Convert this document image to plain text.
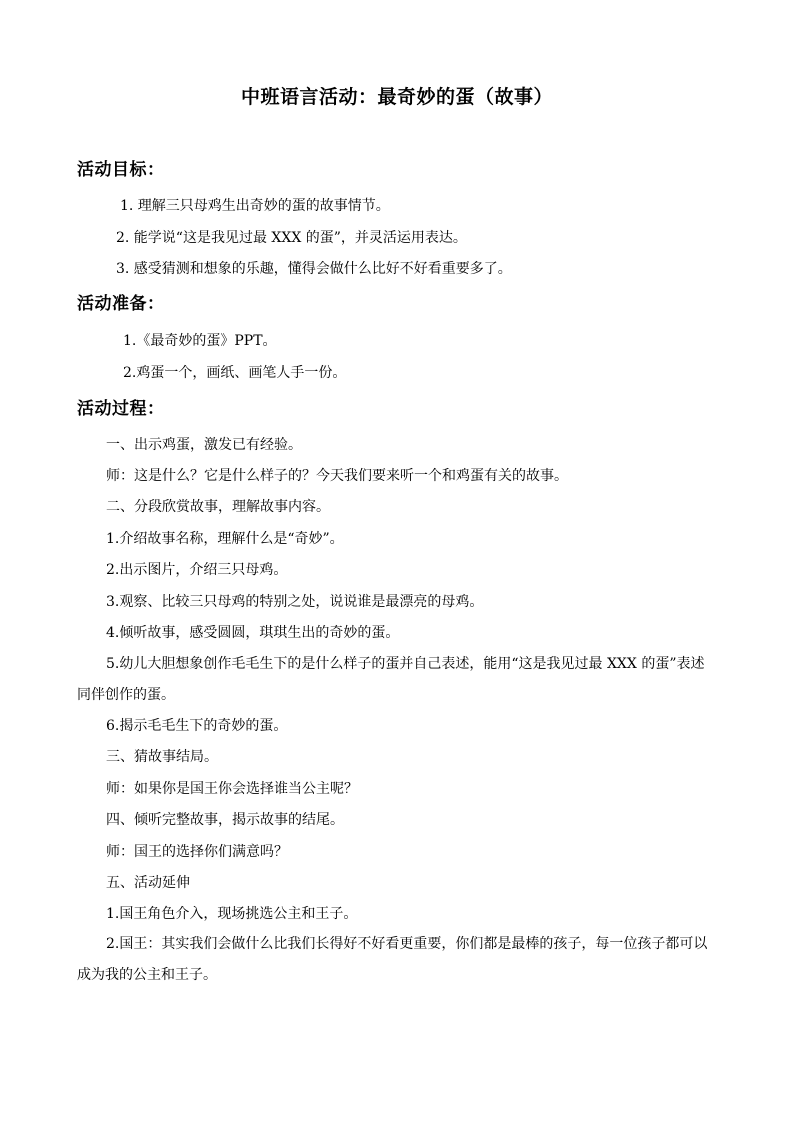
中班语言活动：最奇妙的蛋（故事）
活动目标：
1. 理解三只母鸡生出奇妙的蛋的故事情节。
2. 能学说“这是我见过最 XXX 的蛋”，并灵活运用表达。
3. 感受猜测和想象的乐趣，懂得会做什么比好不好看重要多了。
活动准备：
1.《最奇妙的蛋》PPT。
2.鸡蛋一个，画纸、画笔人手一份。
活动过程：
一、出示鸡蛋，激发已有经验。
师：这是什么？它是什么样子的？今天我们要来听一个和鸡蛋有关的故事。
二、分段欣赏故事，理解故事内容。
1.介绍故事名称，理解什么是“奇妙”。
2.出示图片，介绍三只母鸡。
3.观察、比较三只母鸡的特别之处，说说谁是最漂亮的母鸡。
4.倾听故事，感受圆圆，琪琪生出的奇妙的蛋。

5.幼儿大胆想象创作毛毛生下的是什么样子的蛋并自己表述，能用“这是我见过最 XXX 的蛋”表述同伴创作的蛋。

6.揭示毛毛生下的奇妙的蛋。
三、猜故事结局。
师：如果你是国王你会选择谁当公主呢？
四、倾听完整故事，揭示故事的结尾。
师：国王的选择你们满意吗？
五、活动延伸
1.国王角色介入，现场挑选公主和王子。

2.国王：其实我们会做什么比我们长得好不好看更重要，你们都是最棒的孩子，每一位孩子都可以成为我的公主和王子。
